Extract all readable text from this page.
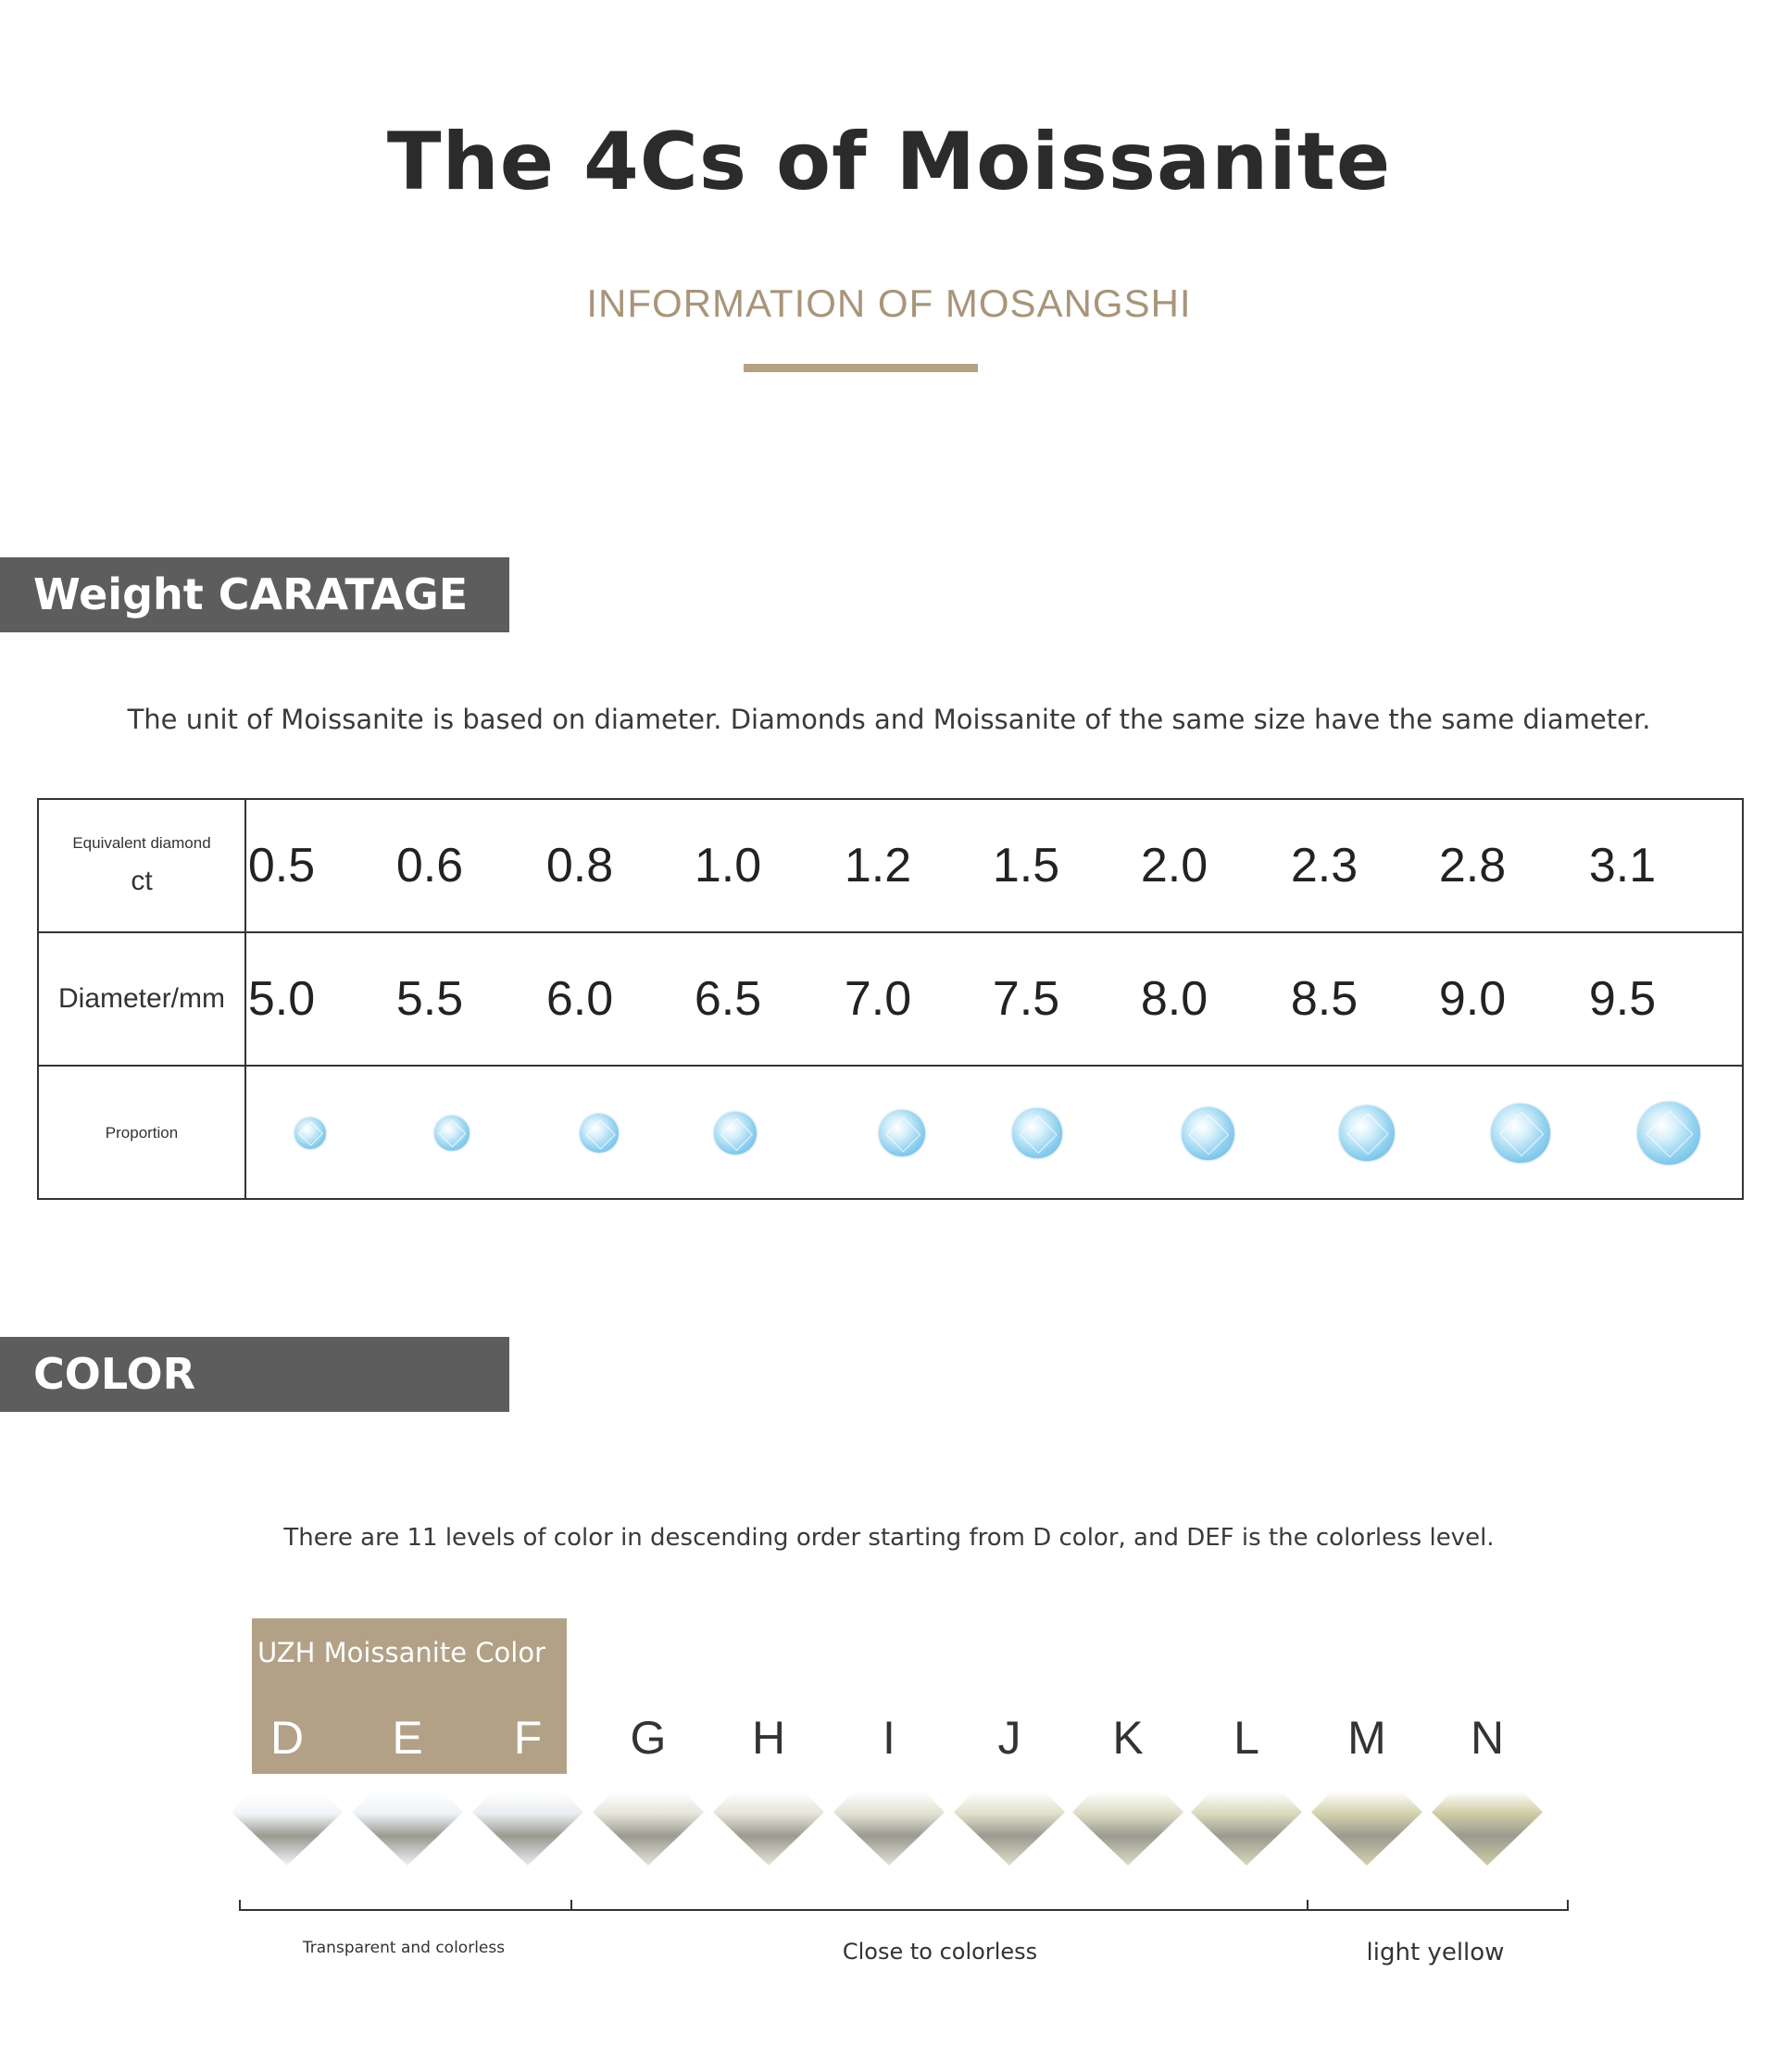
The 4Cs of Moissanite
INFORMATION OF MOSANGSHI
Weight CARATAGE
The unit of Moissanite is based on diameter. Diamonds and Moissanite of the same size have the same diameter.
Equivalent diamond
ct	0.5	0.6	0.8	1.0	1.2	1.5	2.0	2.3	2.8	3.1
Diameter/mm 5.0	5.5	6.0	6.5	7.0	7.5	8.0	8.5	9.0	9.5
Proportion
COLOR
There are 11 levels of color in descending order starting from D color, and DEF is the colorless level.
UZH Moissanite Color
D	E	F	G	H	I	J	K	L	M	N
Transparent and colorless	Close to colorless	light yellow
